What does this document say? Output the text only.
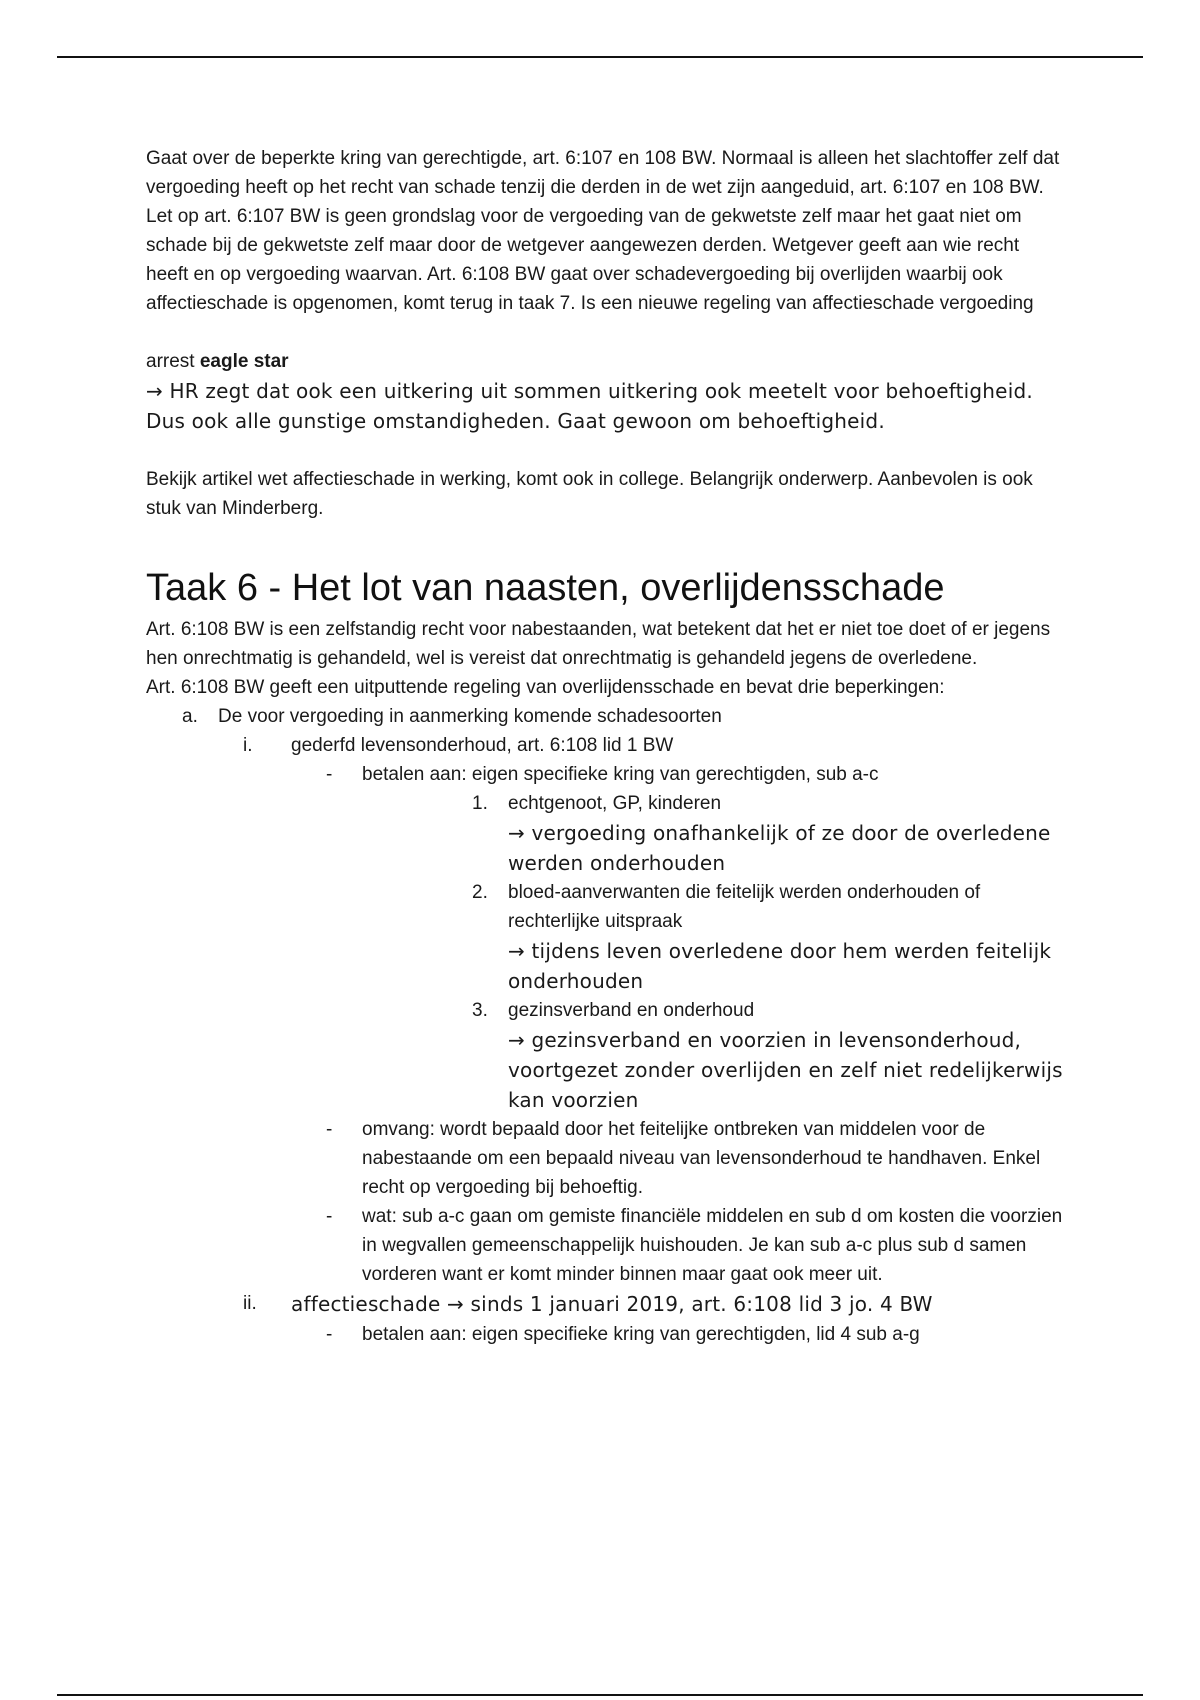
Gaat over de beperkte kring van gerechtigde, art. 6:107 en 108 BW. Normaal is alleen het slachtoffer zelf dat vergoeding heeft op het recht van schade tenzij die derden in de wet zijn aangeduid, art. 6:107 en 108 BW.

Let op art. 6:107 BW is geen grondslag voor de vergoeding van de gekwetste zelf maar het gaat niet om schade bij de gekwetste zelf maar door de wetgever aangewezen derden. Wetgever geeft aan wie recht heeft en op vergoeding waarvan. Art. 6:108 BW gaat over schadevergoeding bij overlijden waarbij ook affectieschade is opgenomen, komt terug in taak 7. Is een nieuwe regeling van affectieschade vergoeding

arrest eagle star

→ HR zegt dat ook een uitkering uit sommen uitkering ook meetelt voor behoeftigheid. Dus ook alle gunstige omstandigheden. Gaat gewoon om behoeftigheid.

Bekijk artikel wet affectieschade in werking, komt ook in college. Belangrijk onderwerp. Aanbevolen is ook stuk van Minderberg.

Taak 6 - Het lot van naasten, overlijdensschade

Art. 6:108 BW is een zelfstandig recht voor nabestaanden, wat betekent dat het er niet toe doet of er jegens hen onrechtmatig is gehandeld, wel is vereist dat onrechtmatig is gehandeld jegens de overledene.

Art. 6:108 BW geeft een uitputtende regeling van overlijdensschade en bevat drie beperkingen:

a. De voor vergoeding in aanmerking komende schadesoorten
i. gederfd levensonderhoud, art. 6:108 lid 1 BW
- betalen aan: eigen specifieke kring van gerechtigden, sub a-c
1. echtgenoot, GP, kinderen
→ vergoeding onafhankelijk of ze door de overledene werden onderhouden
2. bloed-aanverwanten die feitelijk werden onderhouden of rechterlijke uitspraak
→ tijdens leven overledene door hem werden feitelijk onderhouden
3. gezinsverband en onderhoud
→ gezinsverband en voorzien in levensonderhoud, voortgezet zonder overlijden en zelf niet redelijkerwijs kan voorzien
- omvang: wordt bepaald door het feitelijke ontbreken van middelen voor de nabestaande om een bepaald niveau van levensonderhoud te handhaven. Enkel recht op vergoeding bij behoeftig.
- wat: sub a-c gaan om gemiste financiële middelen en sub d om kosten die voorzien in wegvallen gemeenschappelijk huishouden. Je kan sub a-c plus sub d samen vorderen want er komt minder binnen maar gaat ook meer uit.
ii. affectieschade → sinds 1 januari 2019, art. 6:108 lid 3 jo. 4 BW
- betalen aan: eigen specifieke kring van gerechtigden, lid 4 sub a-g
